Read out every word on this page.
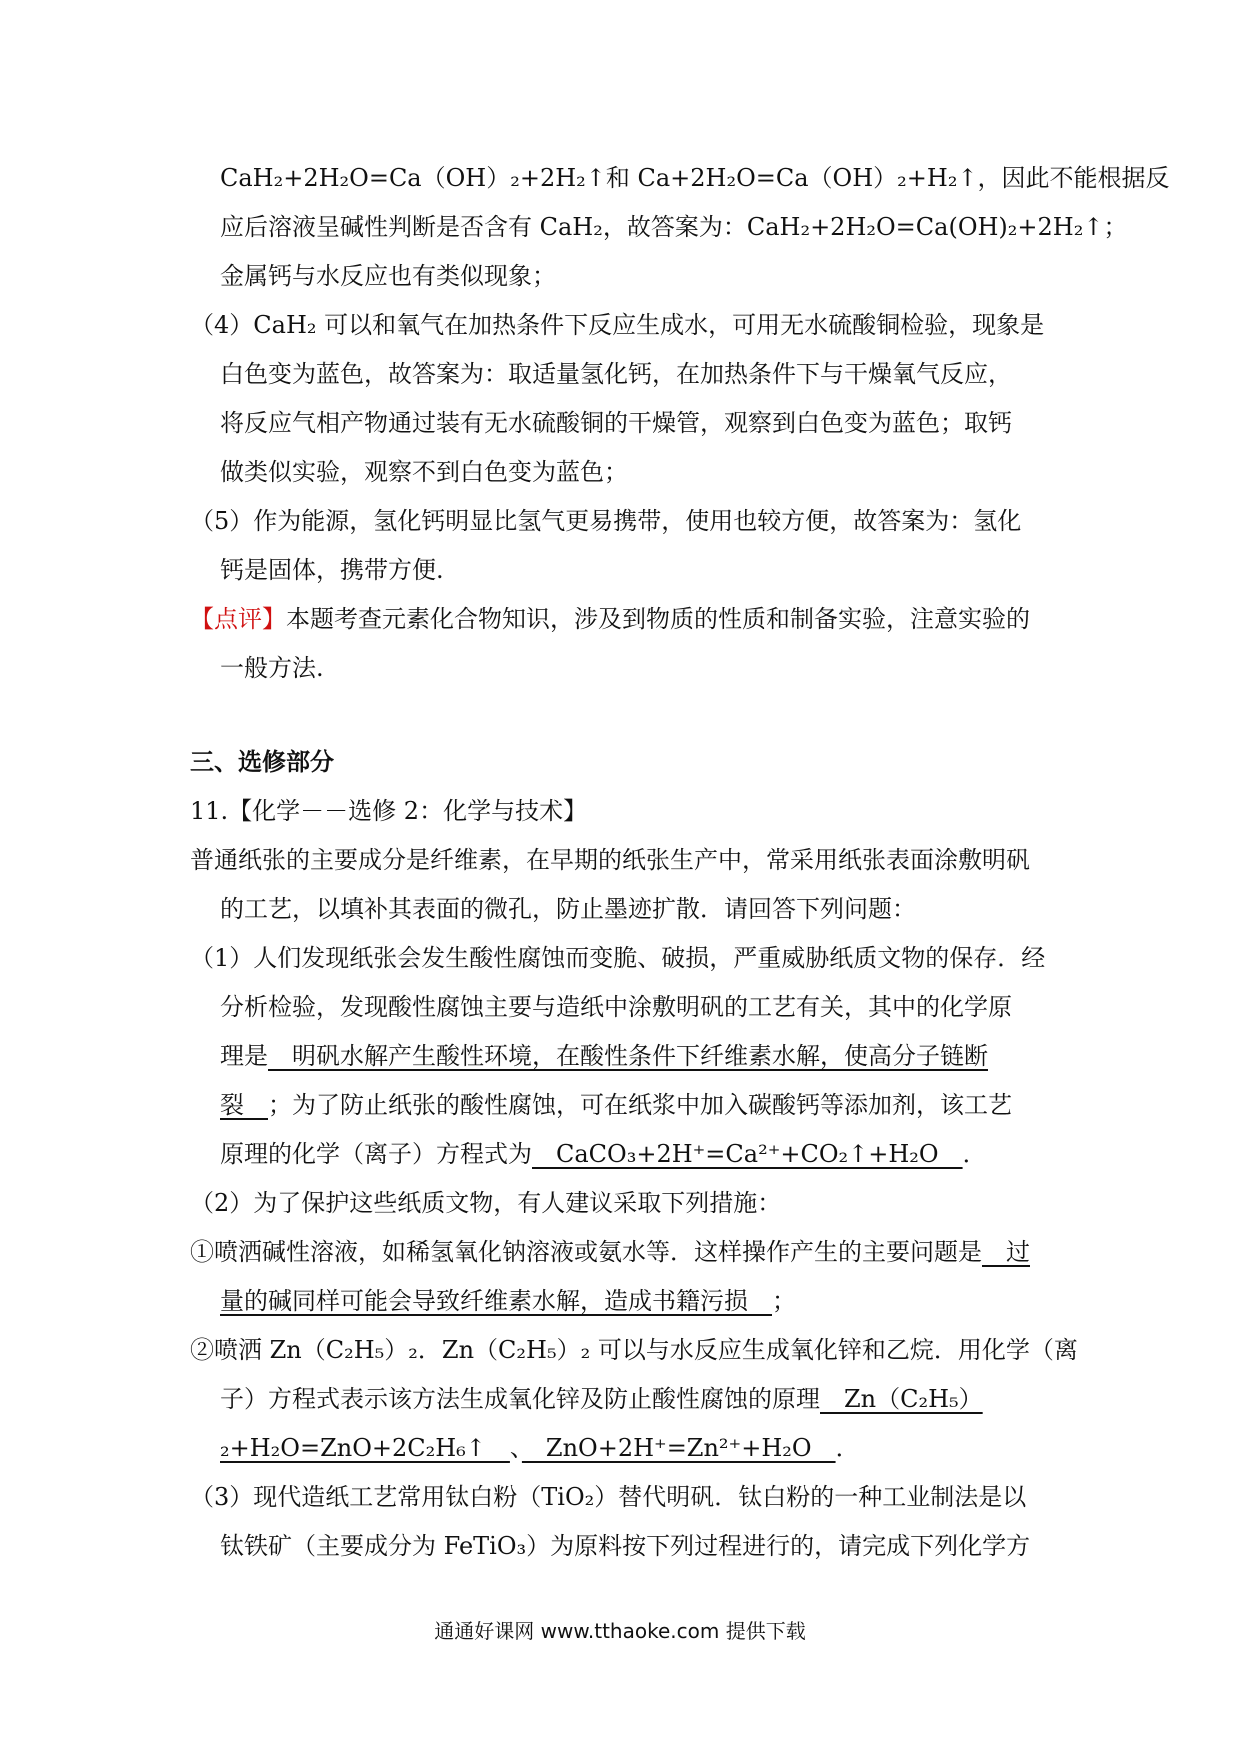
CaH₂+2H₂O=Ca（OH）₂+2H₂↑和 Ca+2H₂O=Ca（OH）₂+H₂↑，因此不能根据反
应后溶液呈碱性判断是否含有 CaH₂，故答案为：CaH₂+2H₂O=Ca(OH)₂+2H₂↑；
金属钙与水反应也有类似现象；
（4）CaH₂ 可以和氧气在加热条件下反应生成水，可用无水硫酸铜检验，现象是
白色变为蓝色，故答案为：取适量氢化钙，在加热条件下与干燥氧气反应，
将反应气相产物通过装有无水硫酸铜的干燥管，观察到白色变为蓝色；取钙
做类似实验，观察不到白色变为蓝色；
（5）作为能源，氢化钙明显比氢气更易携带，使用也较方便，故答案为：氢化
钙是固体，携带方便.
【点评】本题考查元素化合物知识，涉及到物质的性质和制备实验，注意实验的
一般方法.
三、选修部分
11.【化学－－选修 2：化学与技术】
普通纸张的主要成分是纤维素，在早期的纸张生产中，常采用纸张表面涂敷明矾
的工艺，以填补其表面的微孔，防止墨迹扩散．请回答下列问题：
（1）人们发现纸张会发生酸性腐蚀而变脆、破损，严重威胁纸质文物的保存．经
分析检验，发现酸性腐蚀主要与造纸中涂敷明矾的工艺有关，其中的化学原
理是　明矾水解产生酸性环境，在酸性条件下纤维素水解，使高分子链断
裂　；为了防止纸张的酸性腐蚀，可在纸浆中加入碳酸钙等添加剂，该工艺
原理的化学（离子）方程式为　CaCO₃+2H⁺=Ca²⁺+CO₂↑+H₂O　．
（2）为了保护这些纸质文物，有人建议采取下列措施：
①喷洒碱性溶液，如稀氢氧化钠溶液或氨水等．这样操作产生的主要问题是　过
量的碱同样可能会导致纤维素水解，造成书籍污损　；
②喷洒 Zn（C₂H₅）₂．Zn（C₂H₅）₂ 可以与水反应生成氧化锌和乙烷．用化学（离
子）方程式表示该方法生成氧化锌及防止酸性腐蚀的原理　Zn（C₂H₅）
₂+H₂O=ZnO+2C₂H₆↑　、　ZnO+2H⁺=Zn²⁺+H₂O　．
（3）现代造纸工艺常用钛白粉（TiO₂）替代明矾．钛白粉的一种工业制法是以
钛铁矿（主要成分为 FeTiO₃）为原料按下列过程进行的，请完成下列化学方
通通好课网 www.tthaoke.com 提供下载
